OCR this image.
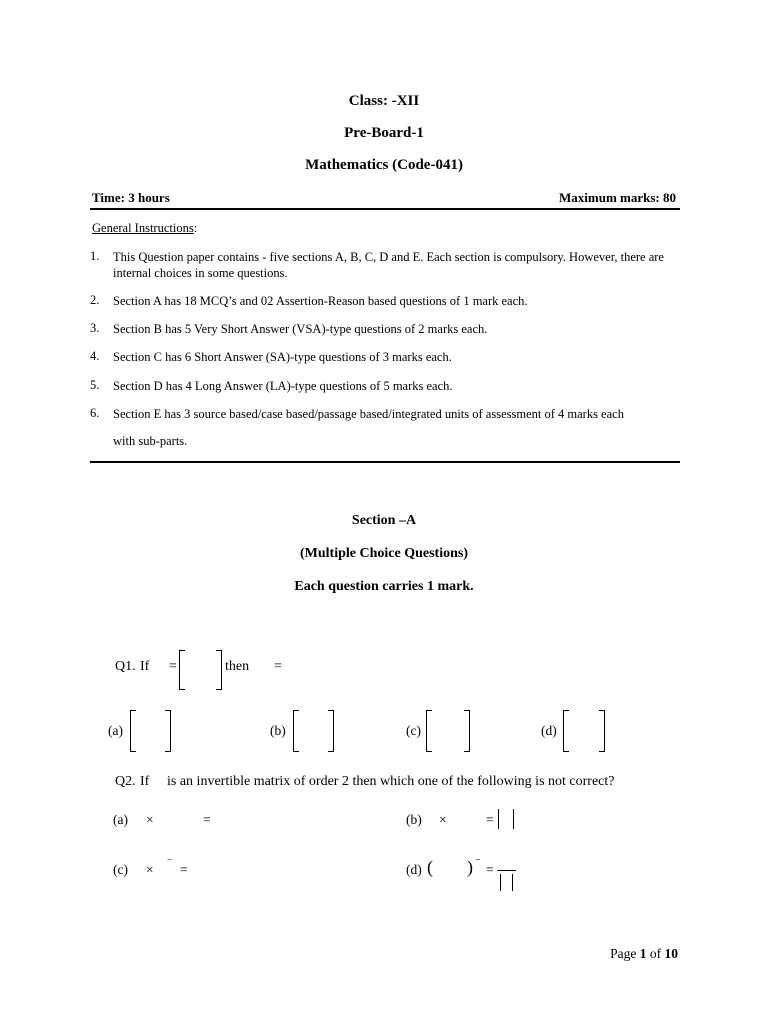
Class: -XII
Pre-Board-1
Mathematics (Code-041)
Time: 3 hours	Maximum marks: 80
General Instructions:
1. This Question paper contains - five sections A, B, C, D and E. Each section is compulsory. However, there are internal choices in some questions.
2. Section A has 18 MCQ’s and 02 Assertion-Reason based questions of 1 mark each.
3. Section B has 5 Very Short Answer (VSA)-type questions of 2 marks each.
4. Section C has 6 Short Answer (SA)-type questions of 3 marks each.
5. Section D has 4 Long Answer (LA)-type questions of 5 marks each.
6. Section E has 3 source based/case based/passage based/integrated units of assessment of 4 marks each
with sub-parts.
Section –A
(Multiple Choice Questions)
Each question carries 1 mark.
Q1. If =	then =
(a)	(b)	(c)	(d)
Q2. If is an invertible matrix of order 2 then which one of the following is not correct?
(a) ×	=	(b) ×	=
(c) ×
−
=	(d) ( ) −
=
Page 1 of 10
